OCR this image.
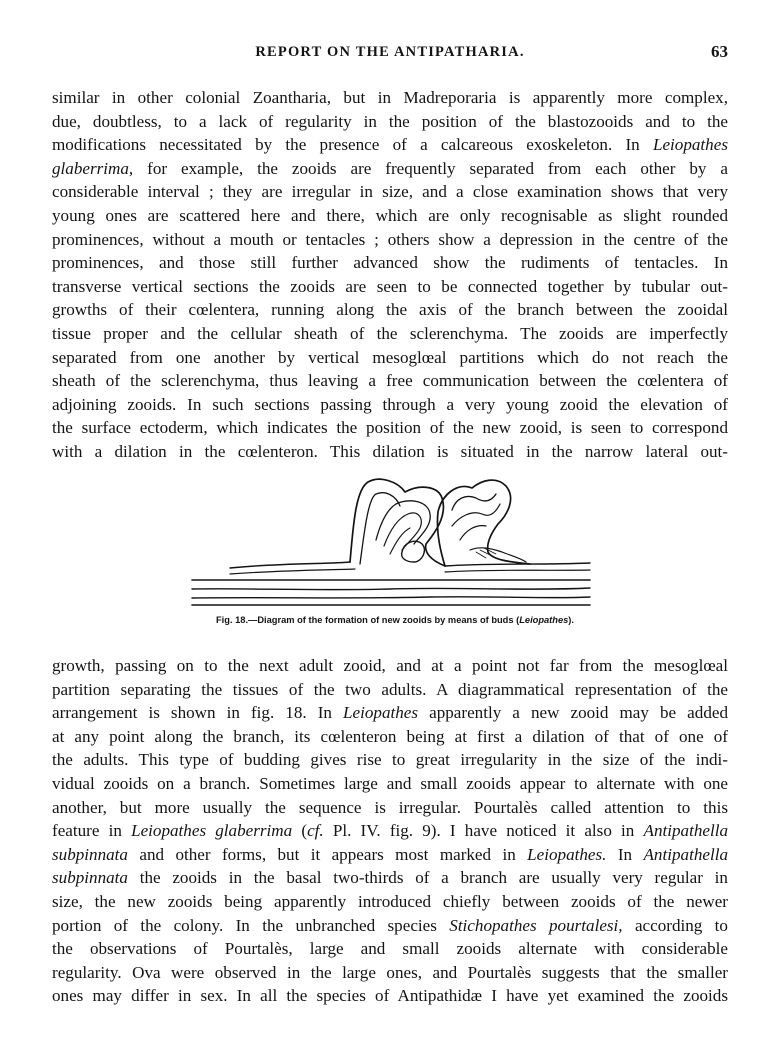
REPORT ON THE ANTIPATHARIA.	63
similar in other colonial Zoantharia, but in Madreporaria is apparently more complex,
due, doubtless, to a lack of regularity in the position of the blastozooids and to the
modifications necessitated by the presence of a calcareous exoskeleton. In Leiopathes
glaberrima, for example, the zooids are frequently separated from each other by a
considerable interval ; they are irregular in size, and a close examination shows that very
young ones are scattered here and there, which are only recognisable as slight rounded
prominences, without a mouth or tentacles ; others show a depression in the centre of the
prominences, and those still further advanced show the rudiments of tentacles. In
transverse vertical sections the zooids are seen to be connected together by tubular out-
growths of their cœlentera, running along the axis of the branch between the zooidal
tissue proper and the cellular sheath of the sclerenchyma. The zooids are imperfectly
separated from one another by vertical mesoglœal partitions which do not reach the
sheath of the sclerenchyma, thus leaving a free communication between the cœlentera of
adjoining zooids. In such sections passing through a very young zooid the elevation of
the surface ectoderm, which indicates the position of the new zooid, is seen to correspond
with a dilation in the cœlenteron. This dilation is situated in the narrow lateral out-
Fig. 18.—Diagram of the formation of new zooids by means of buds (Leiopathes).
growth, passing on to the next adult zooid, and at a point not far from the mesoglœal
partition separating the tissues of the two adults. A diagrammatical representation of the
arrangement is shown in fig. 18. In Leiopathes apparently a new zooid may be added
at any point along the branch, its cœlenteron being at first a dilation of that of one of
the adults. This type of budding gives rise to great irregularity in the size of the indi-
vidual zooids on a branch. Sometimes large and small zooids appear to alternate with one
another, but more usually the sequence is irregular. Pourtalès called attention to this
feature in Leiopathes glaberrima (cf. Pl. IV. fig. 9). I have noticed it also in Antipathella
subpinnata and other forms, but it appears most marked in Leiopathes. In Antipathella
subpinnata the zooids in the basal two-thirds of a branch are usually very regular in
size, the new zooids being apparently introduced chiefly between zooids of the newer
portion of the colony. In the unbranched species Stichopathes pourtalesi, according to
the observations of Pourtalès, large and small zooids alternate with considerable
regularity. Ova were observed in the large ones, and Pourtalès suggests that the smaller
ones may differ in sex. In all the species of Antipathidæ I have yet examined the zooids
